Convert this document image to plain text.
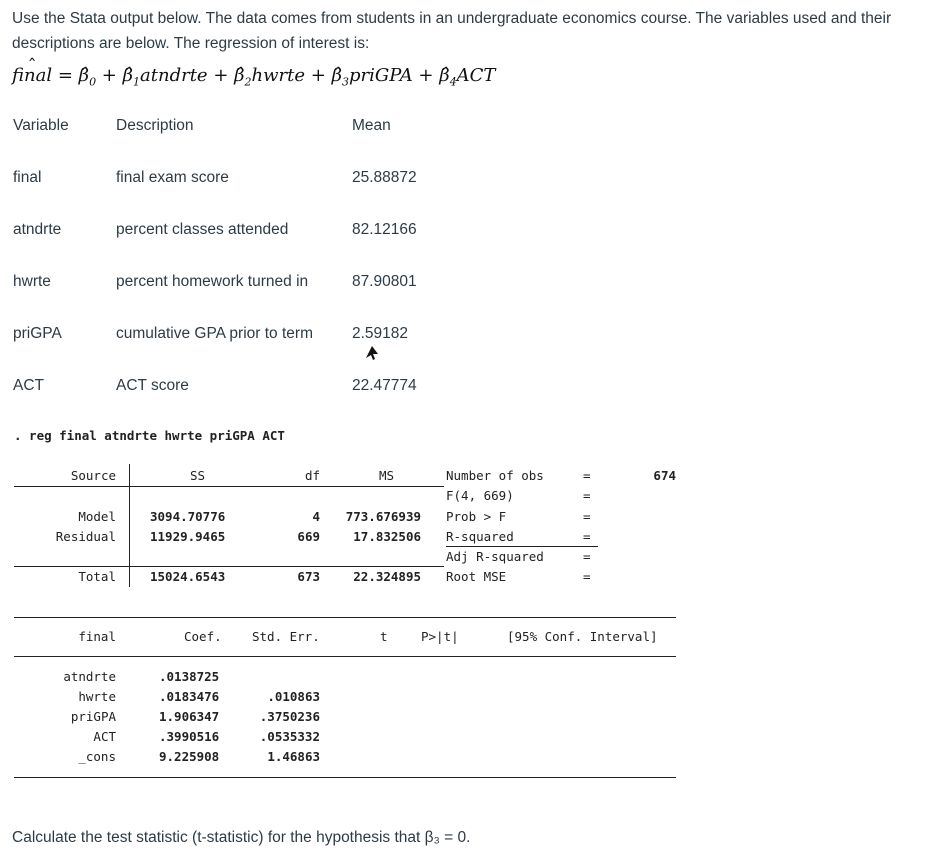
Use the Stata output below. The data comes from students in an undergraduate economics course. The variables used and their descriptions are below. The regression of interest is:
fina
$l = \betâ_0$ + $\betâ_1atndrte$ + $\betâ_2hwrte$ + $\betâ_3priGPA$ + $\betâ_4ACT$
Variable	Description	Mean
final	final exam score	25.88872
atndrte	percent classes attended	82.12166
hwrte	percent homework turned in	87.90801
priGPA	cumulative GPA prior to term	2.59182
ACT	ACT score	22.47774
. reg final atndrte hwrte priGPA ACT
Source	SS	df	MS
Model	3094.70776	4	773.676939
Residual	11929.9465	669	17.832506
Total	15024.6543	673	22.324895
Number of obs	=	674
F(4, 669)	=
Prob > F	=
R-squared	=
Adj R-squared	=
Root MSE	=
final	Coef. Std. Err.	t	P>|t|	[95% Conf. Interval]
atndrte	.0138725
hwrte	.0183476	.010863
priGPA	1.906347	.3750236
ACT	.3990516	.0535332
_cons	9.225908	1.46863
Calculate the test statistic (t-statistic) for the hypothesis that β₃ = 0.
